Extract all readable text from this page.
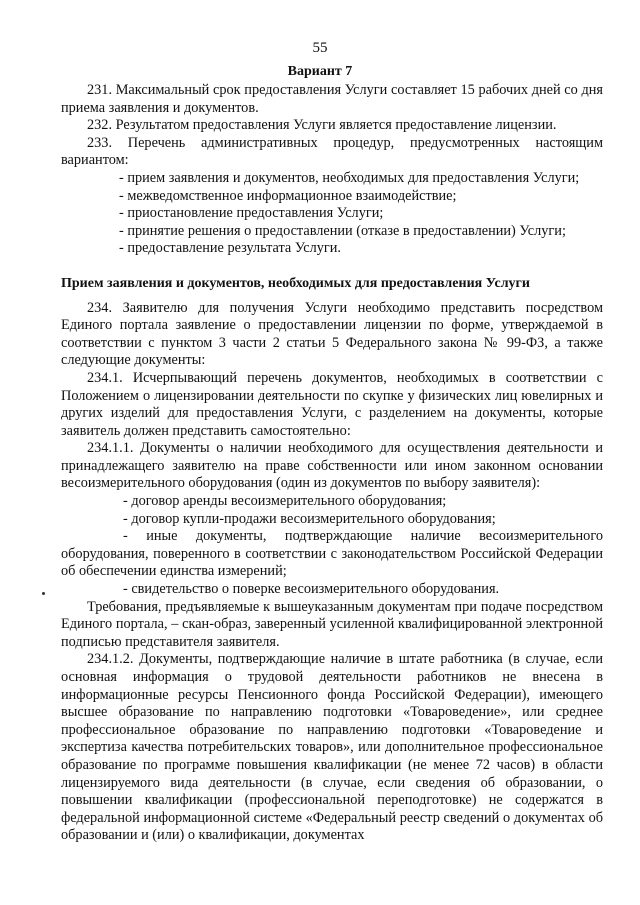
55
Вариант 7

231. Максимальный срок предоставления Услуги составляет 15 рабочих дней со дня приема заявления и документов.

232. Результатом предоставления Услуги является предоставление лицензии.

233. Перечень административных процедур, предусмотренных настоящим вариантом:

- прием заявления и документов, необходимых для предоставления Услуги;

- межведомственное информационное взаимодействие;

- приостановление предоставления Услуги;

- принятие решения о предоставлении (отказе в предоставлении) Услуги;

- предоставление результата Услуги.

Прием заявления и документов, необходимых для предоставления Услуги

234. Заявителю для получения Услуги необходимо представить посредством Единого портала заявление о предоставлении лицензии по форме, утверждаемой в соответствии с пунктом 3 части 2 статьи 5 Федерального закона № 99-ФЗ, а также следующие документы:

234.1. Исчерпывающий перечень документов, необходимых в соответствии с Положением о лицензировании деятельности по скупке у физических лиц ювелирных и других изделий для предоставления Услуги, с разделением на документы, которые заявитель должен представить самостоятельно:

234.1.1. Документы о наличии необходимого для осуществления деятельности и принадлежащего заявителю на праве собственности или ином законном основании весоизмерительного оборудования (один из документов по выбору заявителя):

- договор аренды весоизмерительного оборудования;

- договор купли-продажи весоизмерительного оборудования;

- иные документы, подтверждающие наличие весоизмерительного оборудования, поверенного в соответствии с законодательством Российской Федерации об обеспечении единства измерений;

- свидетельство о поверке весоизмерительного оборудования.

Требования, предъявляемые к вышеуказанным документам при подаче посредством Единого портала, – скан-образ, заверенный усиленной квалифицированной электронной подписью представителя заявителя.

234.1.2. Документы, подтверждающие наличие в штате работника (в случае, если основная информация о трудовой деятельности работников не внесена в информационные ресурсы Пенсионного фонда Российской Федерации), имеющего высшее образование по направлению подготовки «Товароведение», или среднее профессиональное образование по направлению подготовки «Товароведение и экспертиза качества потребительских товаров», или дополнительное профессиональное образование по программе повышения квалификации (не менее 72 часов) в области лицензируемого вида деятельности (в случае, если сведения об образовании, о повышении квалификации (профессиональной переподготовке) не содержатся в федеральной информационной системе «Федеральный реестр сведений о документах об образовании и (или) о квалификации, документах
